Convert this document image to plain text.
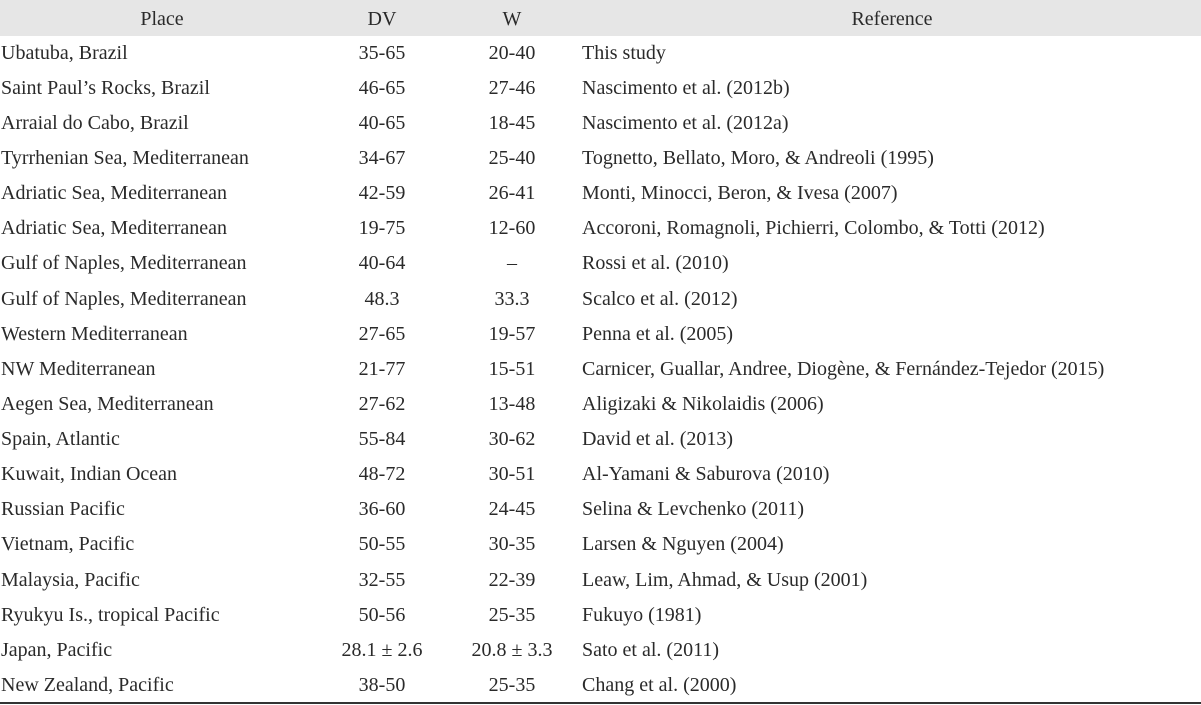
Place	DV	W	Reference
Ubatuba, Brazil	35-65	20-40	This study
Saint Paul’s Rocks, Brazil	46-65	27-46	Nascimento et al. (2012b)
Arraial do Cabo, Brazil	40-65	18-45	Nascimento et al. (2012a)
Tyrrhenian Sea, Mediterranean	34-67	25-40	Tognetto, Bellato, Moro, & Andreoli (1995)
Adriatic Sea, Mediterranean	42-59	26-41	Monti, Minocci, Beron, & Ivesa (2007)
Adriatic Sea, Mediterranean	19-75	12-60	Accoroni, Romagnoli, Pichierri, Colombo, & Totti (2012)
Gulf of Naples, Mediterranean	40-64	–	Rossi et al. (2010)
Gulf of Naples, Mediterranean	48.3	33.3	Scalco et al. (2012)
Western Mediterranean	27-65	19-57	Penna et al. (2005)
NW Mediterranean	21-77	15-51	Carnicer, Guallar, Andree, Diogène, & Fernández-Tejedor (2015)
Aegen Sea, Mediterranean	27-62	13-48	Aligizaki & Nikolaidis (2006)
Spain, Atlantic	55-84	30-62	David et al. (2013)
Kuwait, Indian Ocean	48-72	30-51	Al-Yamani & Saburova (2010)
Russian Pacific	36-60	24-45	Selina & Levchenko (2011)
Vietnam, Pacific	50-55	30-35	Larsen & Nguyen (2004)
Malaysia, Pacific	32-55	22-39	Leaw, Lim, Ahmad, & Usup (2001)
Ryukyu Is., tropical Pacific	50-56	25-35	Fukuyo (1981)
Japan, Pacific	28.1 ± 2.6	20.8 ± 3.3	Sato et al. (2011)
New Zealand, Pacific	38-50	25-35	Chang et al. (2000)
